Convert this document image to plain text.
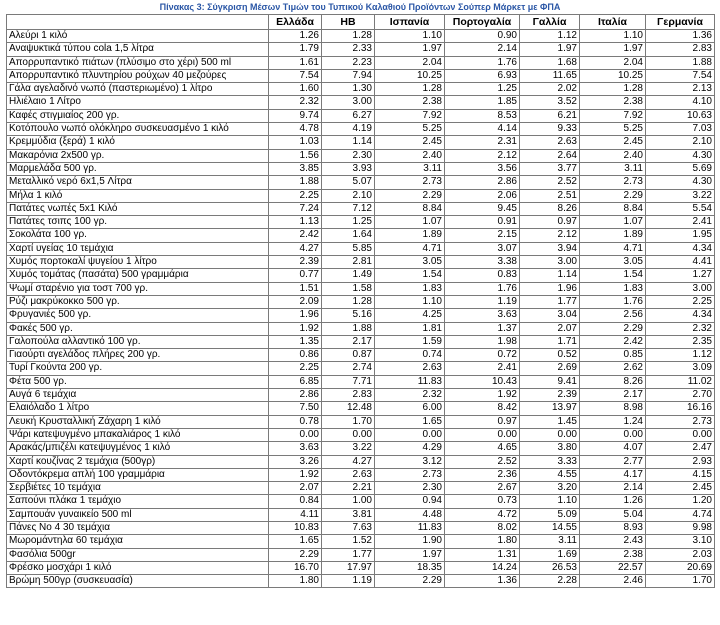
Πίνακας 3: Σύγκριση Μέσων Τιμών του Τυπικού Καλαθιού Προϊόντων Σούπερ Μάρκετ με ΦΠΑ
	Ελλάδα	ΗΒ	Ισπανία	Πορτογαλία	Γαλλία	Ιταλία	Γερμανία	
Αλεύρι 1 κιλό	1.26	1.28	1.10	0.90	1.12	1.10	1.36	
Αναψυκτικά τύπου cola 1,5 λίτρα	1.79	2.33	1.97	2.14	1.97	1.97	2.83	
Απορρυπαντικό πιάτων (πλύσιμο στο χέρι) 500 ml	1.61	2.23	2.04	1.76	1.68	2.04	1.88	
Απορρυπαντικό πλυντηρίου ρούχων 40 μεζούρες	7.54	7.94	10.25	6.93	11.65	10.25	7.54	
Γάλα αγελαδινό νωπό (παστεριωμένο) 1 λίτρο	1.60	1.30	1.28	1.25	2.02	1.28	2.13	
Ηλιέλαιο 1 Λίτρο	2.32	3.00	2.38	1.85	3.52	2.38	4.10	
Καφές στιγμιαίος 200 γρ.	9.74	6.27	7.92	8.53	6.21	7.92	10.63	
Κοτόπουλο νωπό ολόκληρο συσκευασμένο 1 κιλό	4.78	4.19	5.25	4.14	9.33	5.25	7.03	
Κρεμμύδια (ξερά) 1 κιλό	1.03	1.14	2.45	2.31	2.63	2.45	2.10	
Μακαρόνια 2x500 γρ.	1.56	2.30	2.40	2.12	2.64	2.40	4.30	
Μαρμελάδα 500 γρ.	3.85	3.93	3.11	3.56	3.77	3.11	5.69	
Μεταλλικό νερό 6x1,5 Λίτρα	1.88	5.07	2.73	2.86	2.52	2.73	4.30	
Μήλα 1 κιλό	2.25	2.10	2.29	2.06	2.51	2.29	3.22	
Πατάτες νωπές 5x1 Κιλό	7.24	7.12	8.84	9.45	8.26	8.84	5.54	
Πατάτες τσιπς 100 γρ.	1.13	1.25	1.07	0.91	0.97	1.07	2.41	
Σοκολάτα 100 γρ.	2.42	1.64	1.89	2.15	2.12	1.89	1.95	
Χαρτί υγείας 10 τεμάχια	4.27	5.85	4.71	3.07	3.94	4.71	4.34	
Χυμός πορτοκαλί ψυγείου 1 λίτρο	2.39	2.81	3.05	3.38	3.00	3.05	4.41	
Χυμός τομάτας (πασάτα) 500 γραμμάρια	0.77	1.49	1.54	0.83	1.14	1.54	1.27	
Ψωμί σταρένιο για τοστ 700 γρ.	1.51	1.58	1.83	1.76	1.96	1.83	3.00	
Ρύζι μακρύκοκκο 500 γρ.	2.09	1.28	1.10	1.19	1.77	1.76	2.25	
Φρυγανιές 500 γρ.	1.96	5.16	4.25	3.63	3.04	2.56	4.34	
Φακές 500 γρ.	1.92	1.88	1.81	1.37	2.07	2.29	2.32	
Γαλοπούλα αλλαντικό 100 γρ.	1.35	2.17	1.59	1.98	1.71	2.42	2.35	
Γιαούρτι αγελάδος πλήρες 200 γρ.	0.86	0.87	0.74	0.72	0.52	0.85	1.12	
Τυρί Γκούντα 200 γρ.	2.25	2.74	2.63	2.41	2.69	2.62	3.09	
Φέτα 500 γρ.	6.85	7.71	11.83	10.43	9.41	8.26	11.02	
Αυγά 6 τεμάχια	2.86	2.83	2.32	1.92	2.39	2.17	2.70	
Ελαιόλαδο 1 λίτρο	7.50	12.48	6.00	8.42	13.97	8.98	16.16	
Λευκή Κρυσταλλική Ζάχαρη 1 κιλό	0.78	1.70	1.65	0.97	1.45	1.24	2.73	
Ψάρι κατεψυγμένο μπακαλιάρος 1 κιλό	0.00	0.00	0.00	0.00	0.00	0.00	0.00	
Αρακάς/μπιζέλι κατεψυγμένος 1 κιλό	3.63	3.22	4.29	4.65	3.80	4.07	2.47	
Χαρτί κουζίνας 2 τεμάχια (500γρ)	3.26	4.27	3.12	2.52	3.33	2.77	2.93	
Οδοντόκρεμα απλή 100 γραμμάρια	1.92	2.63	2.73	2.36	4.55	4.17	4.15	
Σερβιέτες 10 τεμάχια	2.07	2.21	2.30	2.67	3.20	2.14	2.45	
Σαπούνι πλάκα 1 τεμάχιο	0.84	1.00	0.94	0.73	1.10	1.26	1.20	
Σαμπουάν γυναικείο 500 ml	4.11	3.81	4.48	4.72	5.09	5.04	4.74	
Πάνες Νο 4 30 τεμάχια	10.83	7.63	11.83	8.02	14.55	8.93	9.98	
Μωρομάντηλα 60 τεμάχια	1.65	1.52	1.90	1.80	3.11	2.43	3.10	
Φασόλια 500gr	2.29	1.77	1.97	1.31	1.69	2.38	2.03	
Φρέσκο μοσχάρι 1 κιλό	16.70	17.97	18.35	14.24	26.53	22.57	20.69	
Βρώμη 500γρ (συσκευασία)	1.80	1.19	2.29	1.36	2.28	2.46	1.70	
